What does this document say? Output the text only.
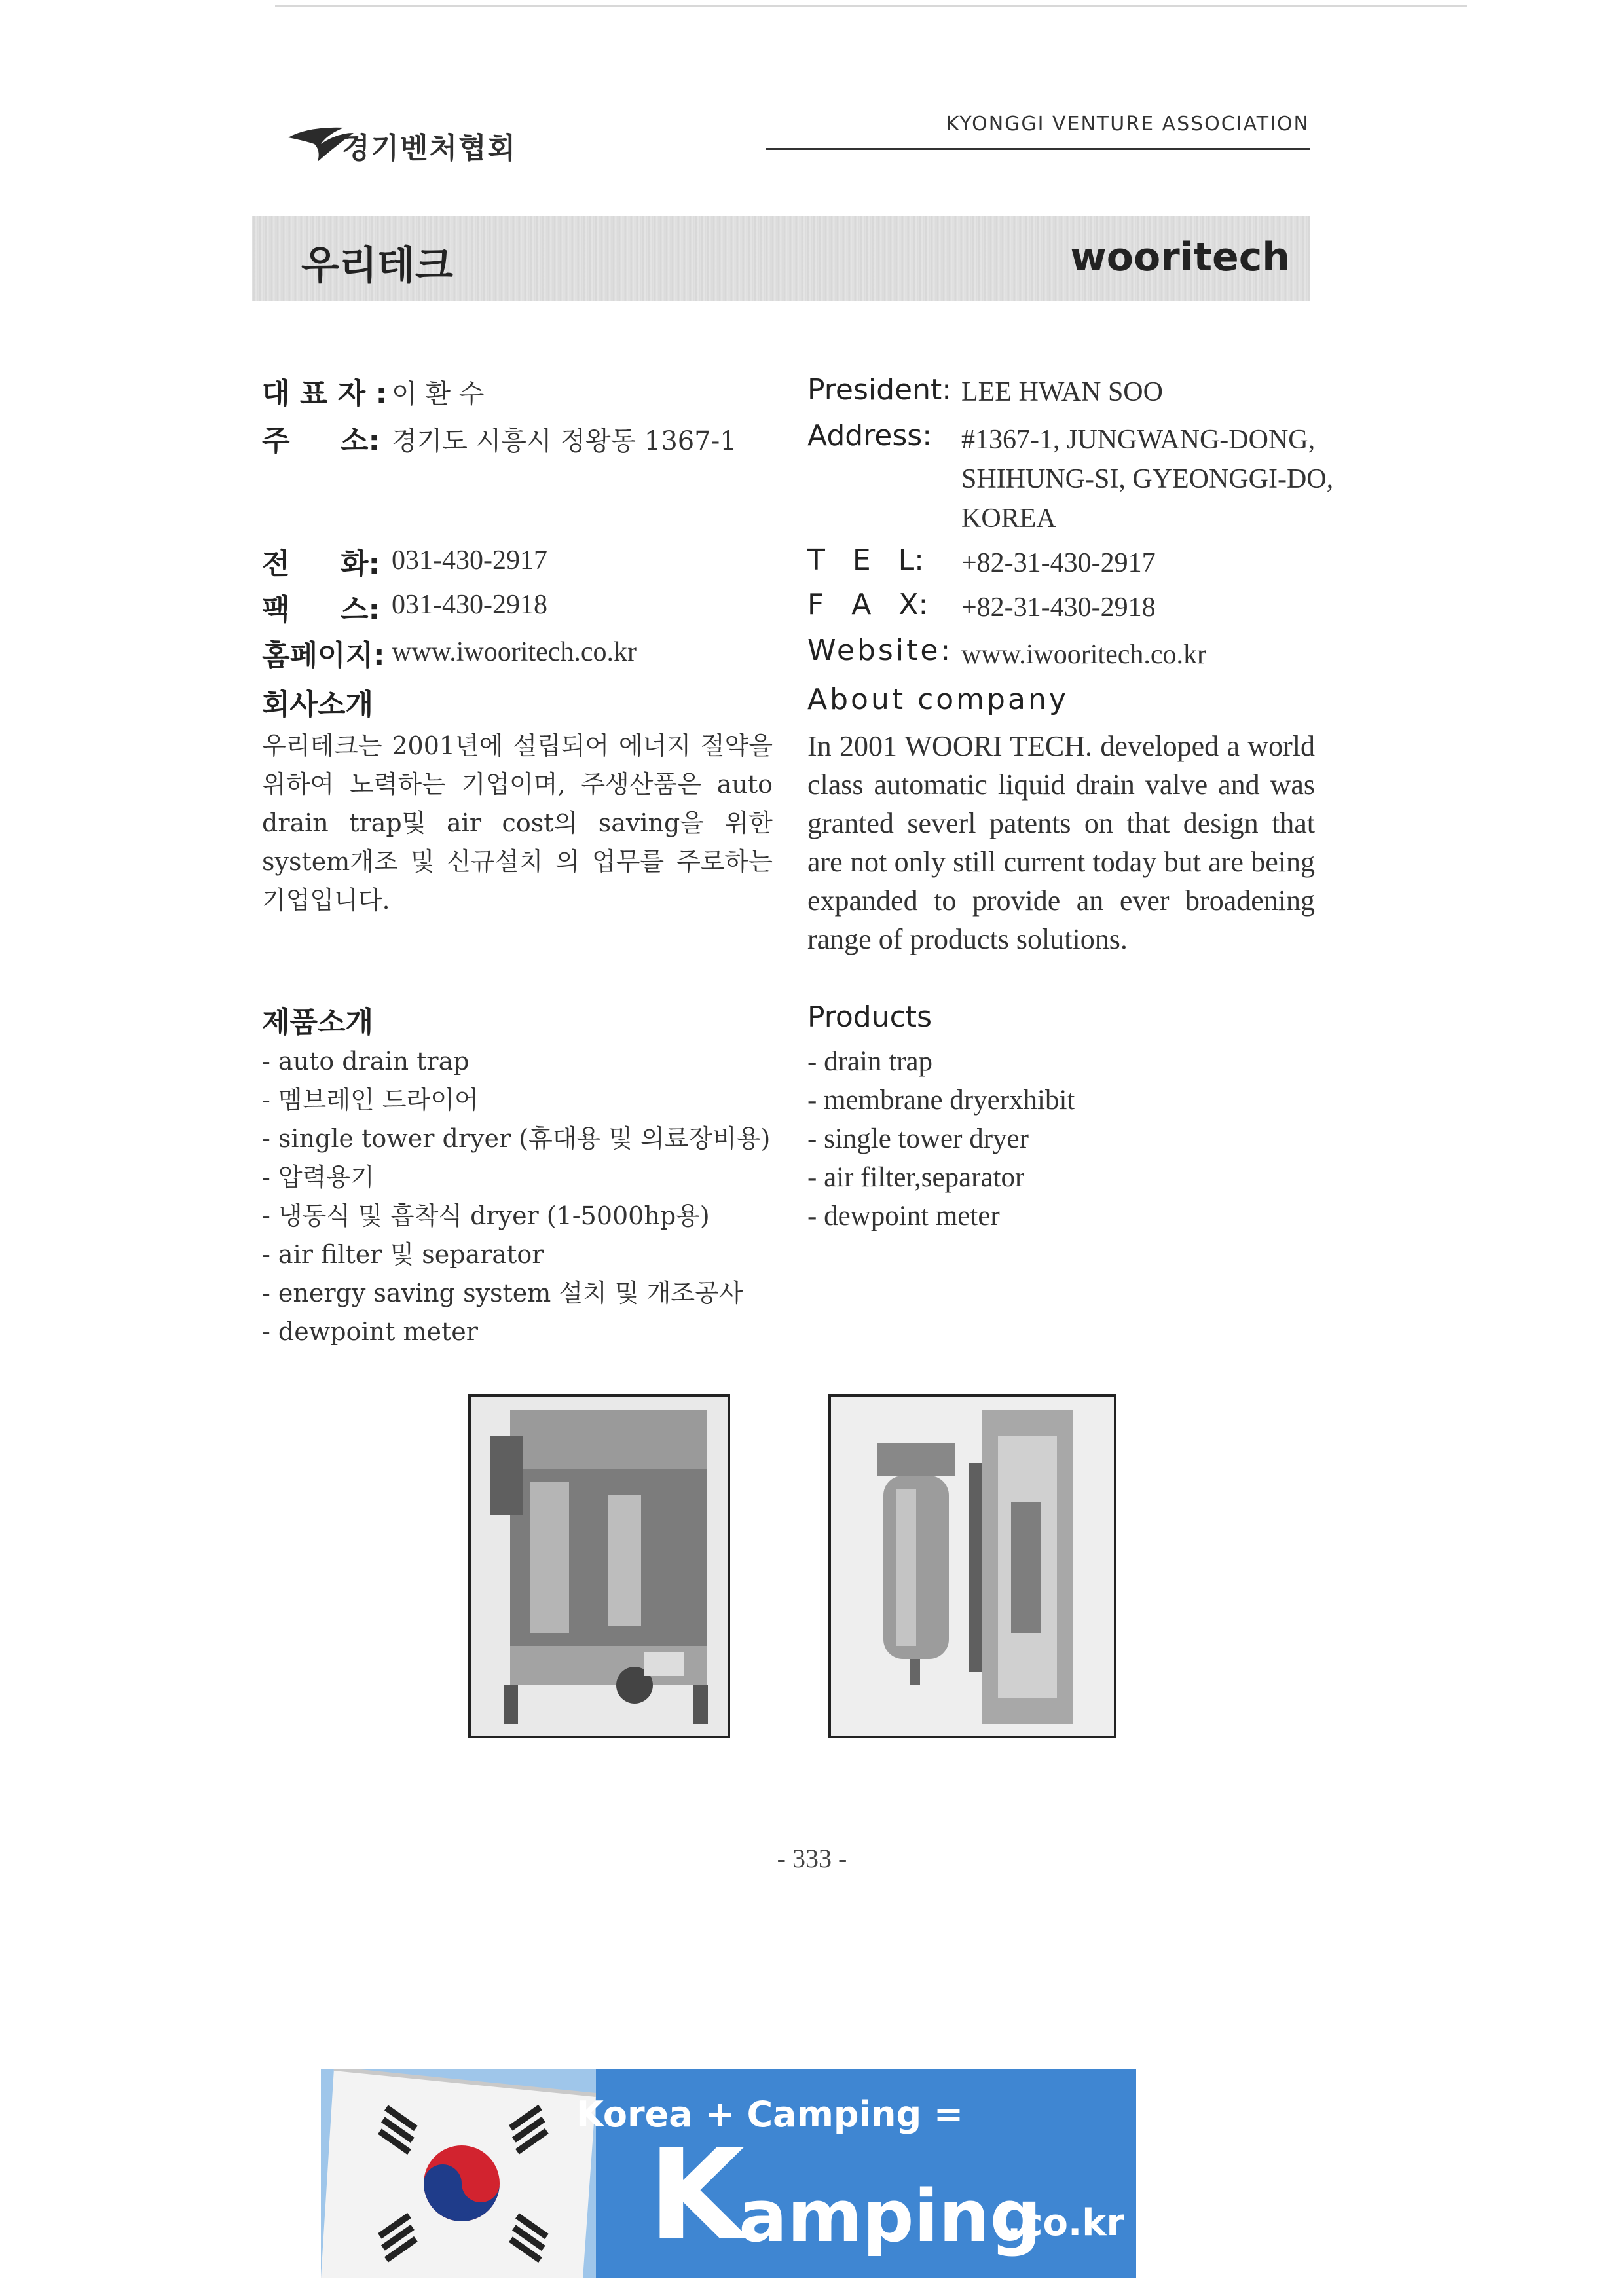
경기벤처협회
KYONGGI VENTURE ASSOCIATION
우리테크	wooritech
대 표 자 : 이 환 수
주 소: 경기도 시흥시 정왕동 1367-1
전 화: 031-430-2917
팩 스: 031-430-2918
홈페이지: www.iwooritech.co.kr
President: LEE HWAN SOO
Address: #1367-1, JUNGWANG-DONG,
SHIHUNG-SI, GYEONGGI-DO,
KOREA
T   E   L: +82-31-430-2917
F   A   X: +82-31-430-2918
Website: www.iwooritech.co.kr
회사소개
우리테크는 2001년에 설립되어 에너지 절약을 위하여 노력하는 기업이며, 주생산품은 auto drain trap및 air cost의 saving을 위한 system개조 및 신규설치 의 업무를 주로하는 기업입니다.
About company
In 2001 WOORI TECH. developed a world class automatic liquid drain valve and was granted severl patents on that design that are not only still current today but are being expanded to provide an ever broadening range of products solutions.
제품소개
- auto drain trap
- 멤브레인 드라이어
- single tower dryer (휴대용 및 의료장비용)
- 압력용기
- 냉동식 및 흡착식 dryer (1-5000hp용)
- air filter 및 separator
- energy saving system 설치 및 개조공사
- dewpoint meter
Products
- drain trap
- membrane dryerxhibit
- single tower dryer
- air filter,separator
- dewpoint meter
- 333 -
Korea + Camping =
K
amping
.co.kr
